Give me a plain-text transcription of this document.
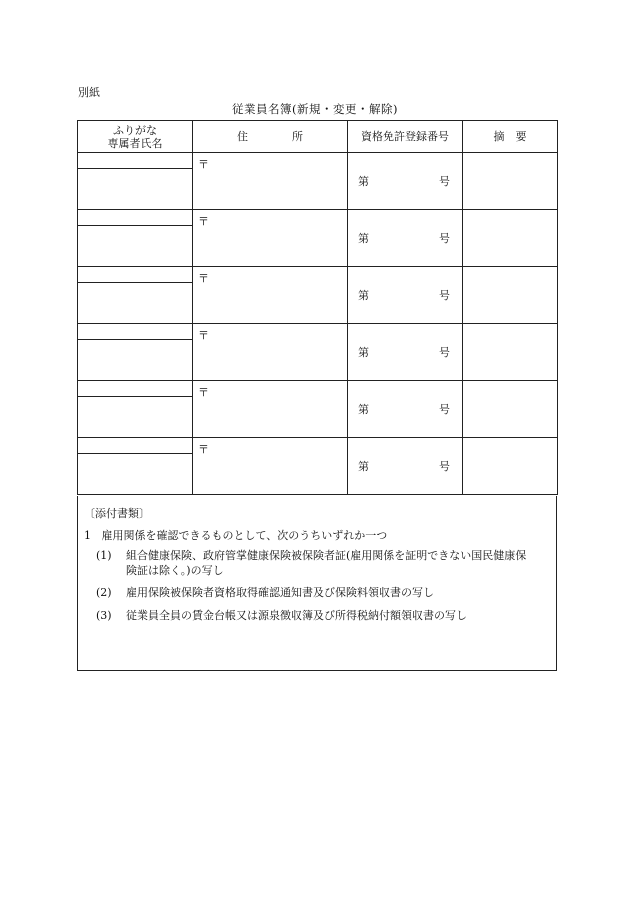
別紙
従業員名簿(新規・変更・解除)
ふりがな
専属者氏名	住　　　　所	資格免許登録番号	摘　要

	〒	第 号	

	〒	第 号	

	〒	第 号	

	〒	第 号	

	〒	第 号	

	〒	第 号	

〔添付書類〕
1 雇用関係を確認できるものとして、次のうちいずれか一つ
(1) 組合健康保険、政府管掌健康保険被保険者証(雇用関係を証明できない国民健康保険証は除く。)の写し
(2) 雇用保険被保険者資格取得確認通知書及び保険料領収書の写し
(3) 従業員全員の賃金台帳又は源泉徴収簿及び所得税納付額領収書の写し
